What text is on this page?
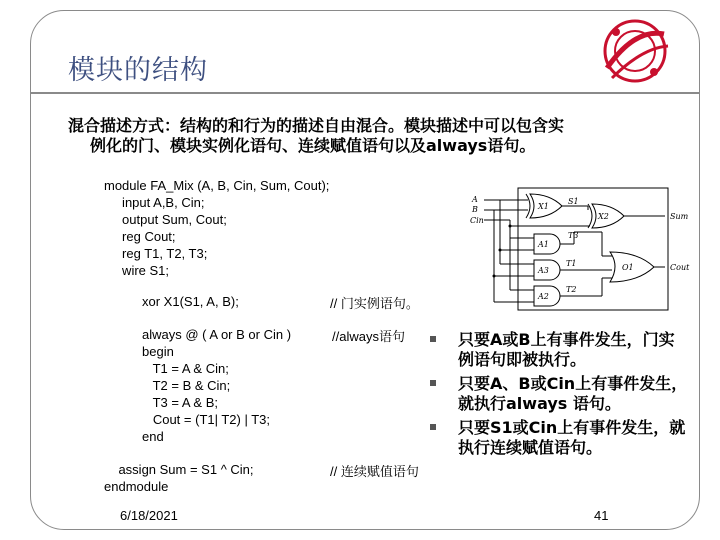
模块的结构
混合描述方式：结构的和行为的描述自由混合。模块描述中可以包含实
例化的门、模块实例化语句、连续赋值语句以及always语句。
module FA_Mix (A, B, Cin, Sum, Cout);
input A,B, Cin;
output Sum, Cout;
reg Cout;
reg T1, T2, T3;
wire S1;
xor X1(S1, A, B);	// 门实例语句。
always @ ( A or B or Cin )
begin
T1 = A & Cin;
T2 = B & Cin;
T3 = A & B;
Cout = (T1| T2) | T3;
end
//always语句
assign Sum = S1 ^ Cin;
endmodule
// 连续赋值语句
只要A或B上有事件发生，门实例语句即被执行。
只要A、B或Cin上有事件发生，就执行always 语句。
只要S1或Cin上有事件发生，就执行连续赋值语句。
A
B
Cin
X1
X2
A1
A3
A2
O1
S1
T3
T1
T2
Sum
Cout
6/18/2021	41
